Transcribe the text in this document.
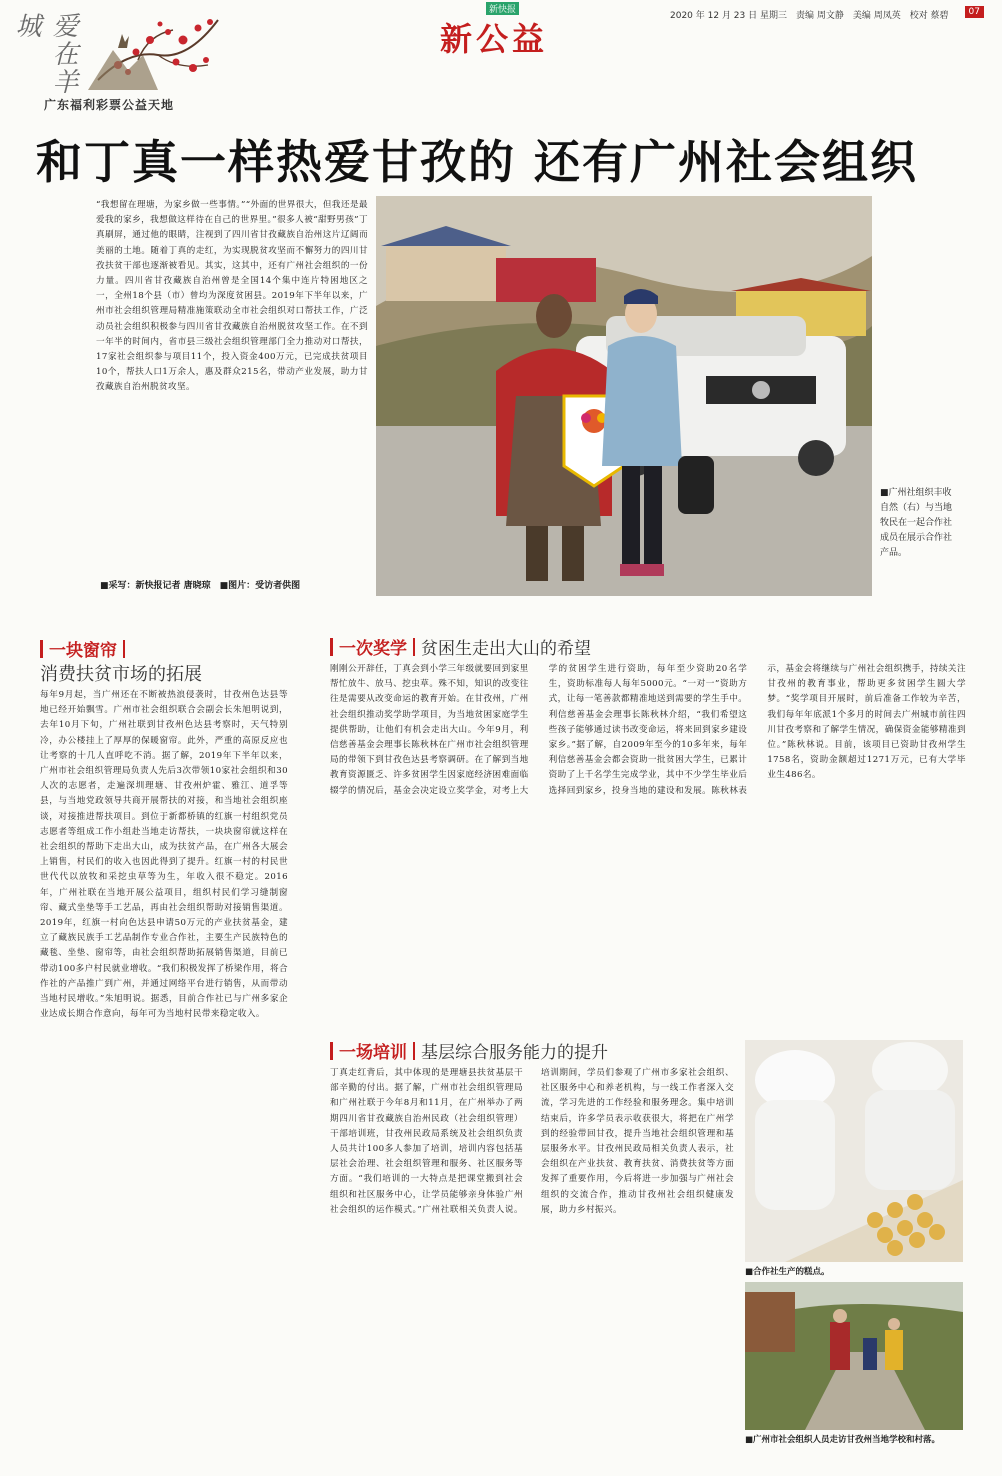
爱在羊城
广东福利彩票公益天地
新快报
新公益
2020 年 12 月 23 日 星期三　责编 周文静　美编 周凤英　校对 蔡碧	07
和丁真一样热爱甘孜的 还有广州社会组织
“我想留在理塘，为家乡做一些事情。”“外面的世界很大，但我还是最爱我的家乡，我想做这样待在自己的世界里。”很多人被“甜野男孩”丁真刷屏，通过他的眼睛，注视到了四川省甘孜藏族自治州这片辽阔而美丽的土地。随着丁真的走红，为实现脱贫攻坚而不懈努力的四川甘孜扶贫干部也逐渐被看见。其实，这其中，还有广州社会组织的一份力量。四川省甘孜藏族自治州曾是全国14个集中连片特困地区之一，全州18个县（市）曾均为深度贫困县。2019年下半年以来，广州市社会组织管理局精准施策联动全市社会组织对口帮扶工作，广泛动员社会组织积极参与四川省甘孜藏族自治州脱贫攻坚工作。在不到一年半的时间内，省市县三级社会组织管理部门全力推动对口帮扶，17家社会组织参与项目11个，投入资金400万元，已完成扶贫项目10个，帮扶人口1万余人，惠及群众215名，带动产业发展，助力甘孜藏族自治州脱贫攻坚。
■采写：新快报记者 唐晓琼　■图片：受访者供图
■广州社组织丰收自然（右）与当地牧民在一起合作社成员在展示合作社产品。
一块窗帘
消费扶贫市场的拓展
每年9月起，当广州还在不断被热浪侵袭时，甘孜州色达县等地已经开始飘雪。广州市社会组织联合会副会长朱旭明说到，去年10月下旬，广州社联到甘孜州色达县考察时，天气特别冷，办公楼挂上了厚厚的保暖窗帘。此外，严重的高原反应也让考察的十几人直呼吃不消。据了解，2019年下半年以来，广州市社会组织管理局负责人先后3次带领10家社会组织和30人次的志愿者，走遍深圳理塘、甘孜州炉霍、雅江、道孚等县，与当地党政领导共商开展帮扶的对接，和当地社会组织座谈，对接推进帮扶项目。到位于新都桥镇的红旗一村组织党员志愿者等组成工作小组赴当地走访帮扶，一块块窗帘就这样在社会组织的帮助下走出大山，成为扶贫产品，在广州各大展会上销售，村民们的收入也因此得到了提升。红旗一村的村民世世代代以放牧和采挖虫草等为生，年收入很不稳定。2016年，广州社联在当地开展公益项目，组织村民们学习缝制窗帘、藏式坐垫等手工艺品，再由社会组织帮助对接销售渠道。2019年，红旗一村向色达县申请50万元的产业扶贫基金，建立了藏族民族手工艺品制作专业合作社，主要生产民族特色的藏毯、坐垫、窗帘等，由社会组织帮助拓展销售渠道，目前已带动100多户村民就业增收。“我们积极发挥了桥梁作用，将合作社的产品推广到广州，并通过网络平台进行销售，从而带动当地村民增收。”朱旭明说。据悉，目前合作社已与广州多家企业达成长期合作意向，每年可为当地村民带来稳定收入。
一次奖学 贫困生走出大山的希望
刚刚公开辞任，丁真会到小学三年级就要回到家里帮忙放牛、放马、挖虫草。殊不知，知识的改变往往是需要从改变命运的教育开始。在甘孜州，广州社会组织推动奖学助学项目，为当地贫困家庭学生提供帮助，让他们有机会走出大山。今年9月，利信慈善基金会理事长陈秋林在广州市社会组织管理局的带领下到甘孜色达县考察调研。在了解到当地教育资源匮乏、许多贫困学生因家庭经济困难面临辍学的情况后，基金会决定设立奖学金，对考上大学的贫困学生进行资助，每年至少资助20名学生，资助标准每人每年5000元。“一对一”资助方式，让每一笔善款都精准地送到需要的学生手中。利信慈善基金会理事长陈秋林介绍，“我们希望这些孩子能够通过读书改变命运，将来回到家乡建设家乡。”据了解，自2009年至今的10多年来，每年利信慈善基金会都会资助一批贫困大学生，已累计资助了上千名学生完成学业，其中不少学生毕业后选择回到家乡，投身当地的建设和发展。陈秋林表示，基金会将继续与广州社会组织携手，持续关注甘孜州的教育事业，帮助更多贫困学生圆大学梦。“奖学项目开展时，前后准备工作较为辛苦，我们每年年底派1个多月的时间去广州城市前往四川甘孜考察和了解学生情况，确保资金能够精准到位。”陈秋林说。目前，该项目已资助甘孜州学生1758名，资助金额超过1271万元，已有大学毕业生486名。
一场培训 基层综合服务能力的提升
丁真走红背后，其中体现的是理塘县扶贫基层干部辛勤的付出。据了解，广州市社会组织管理局和广州社联于今年8月和11月，在广州举办了两期四川省甘孜藏族自治州民政（社会组织管理）干部培训班，甘孜州民政局系统及社会组织负责人员共计100多人参加了培训，培训内容包括基层社会治理、社会组织管理和服务、社区服务等方面。“我们培训的一大特点是把课堂搬到社会组织和社区服务中心，让学员能够亲身体验广州社会组织的运作模式。”广州社联相关负责人说。培训期间，学员们参观了广州市多家社会组织、社区服务中心和养老机构，与一线工作者深入交流，学习先进的工作经验和服务理念。集中培训结束后，许多学员表示收获很大，将把在广州学到的经验带回甘孜，提升当地社会组织管理和基层服务水平。甘孜州民政局相关负责人表示，社会组织在产业扶贫、教育扶贫、消费扶贫等方面发挥了重要作用，今后将进一步加强与广州社会组织的交流合作，推动甘孜州社会组织健康发展，助力乡村振兴。
■合作社生产的糕点。
■广州市社会组织人员走访甘孜州当地学校和村落。
